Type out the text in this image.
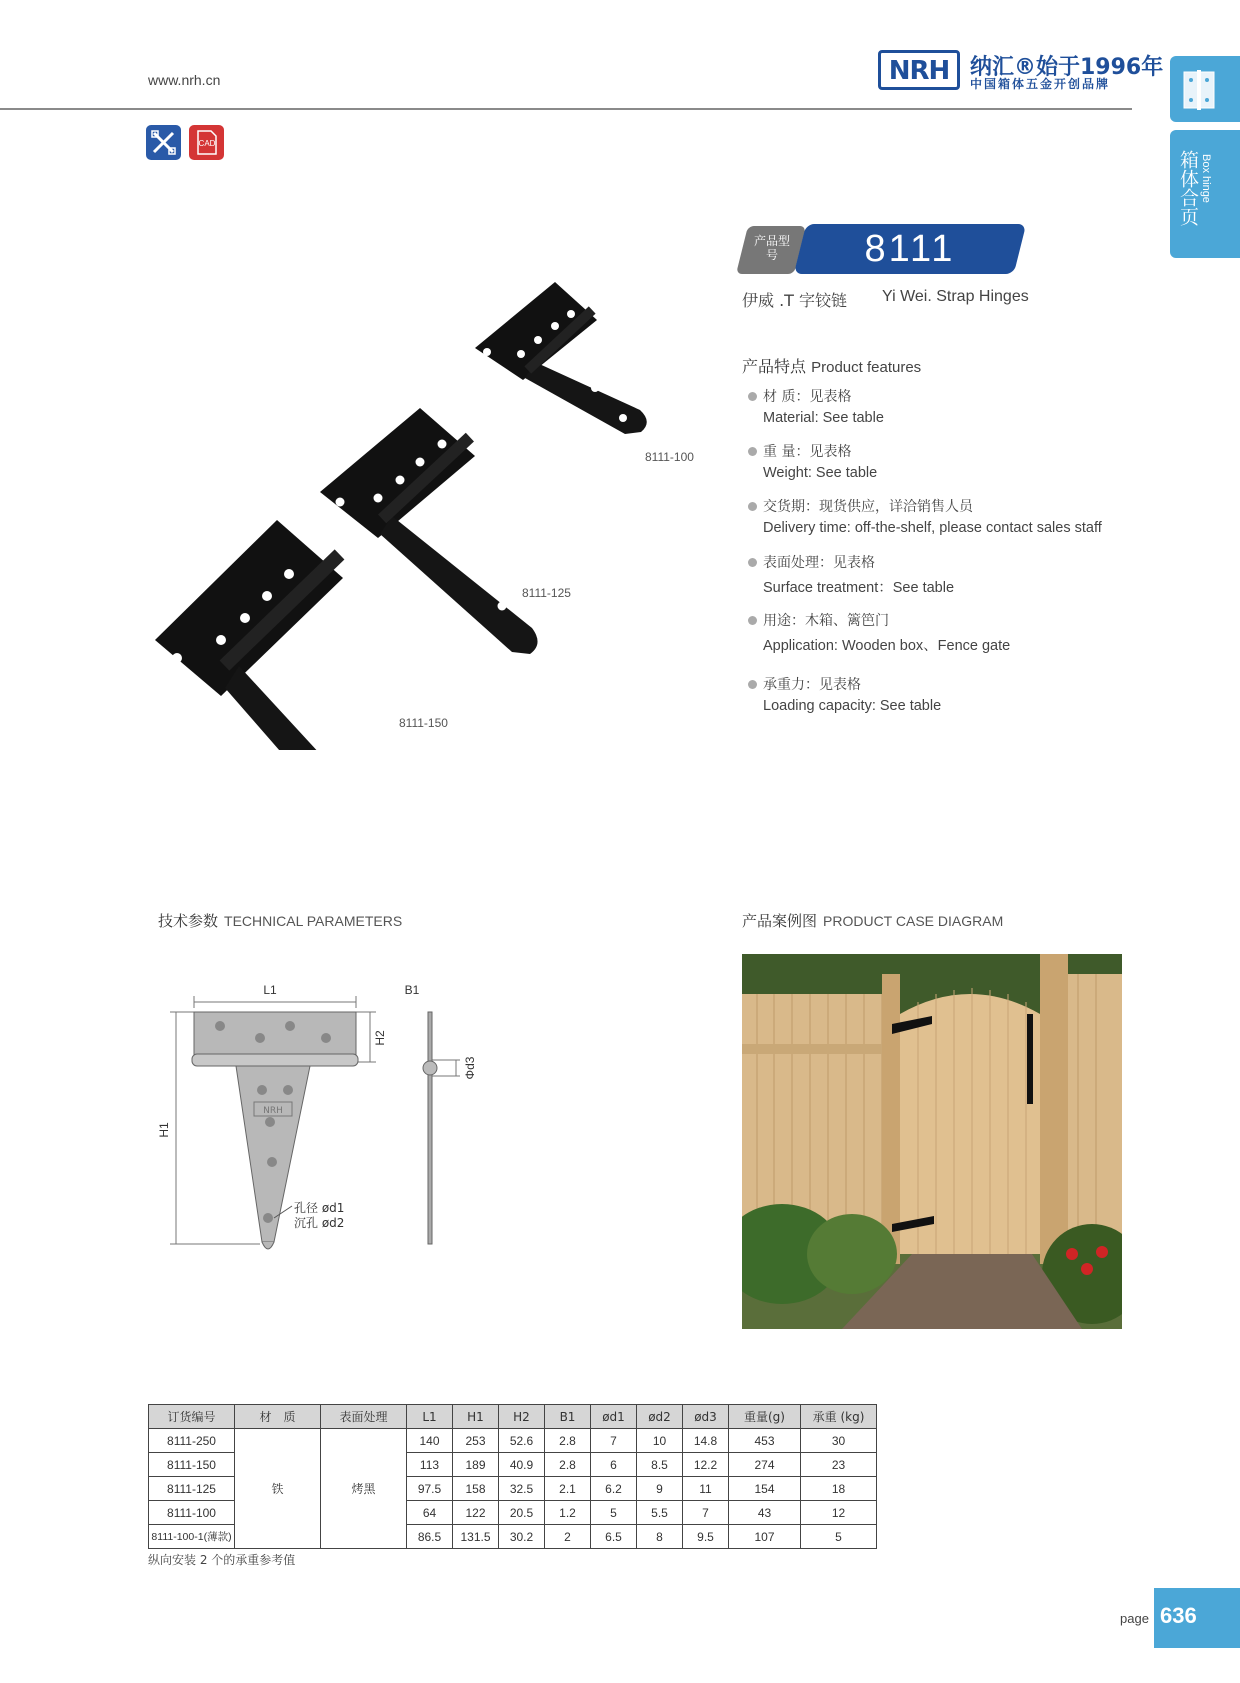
www.nrh.cn	NRH 纳汇®始于1996年
中国箱体五金开创品牌
箱体合页 Box hinge
CAD
产品型号	8111
伊威 .T 字铰链 Yi Wei. Strap Hinges
产品特点 Product features
材 质：见表格
Material: See table
重 量：见表格
Weight: See table
交货期：现货供应，详洽销售人员
Delivery time: off-the-shelf, please contact sales staff
表面处理：见表格
Surface treatment：See table
用途：木箱、篱笆门
Application: Wooden box、Fence gate
承重力：见表格
Loading capacity: See table
8111-100
8111-125
8111-150
技术参数 TECHNICAL PARAMETERS	产品案例图 PRODUCT CASE DIAGRAM
L1	B1
H1
H2
Φd3
NRH
孔径 ød1
沉孔 ød2
订货编号	材　质	表面处理	L1	H1	H2	B1	ød1	ød2	ød3	重量(g)	承重 (kg)
8111-250	铁	烤黑	140	253	52.6	2.8	7	10	14.8	453	30
8111-150			113	189	40.9	2.8	6	8.5	12.2	274	23
8111-125			97.5	158	32.5	2.1	6.2	9	11	154	18
8111-100			64	122	20.5	1.2	5	5.5	7	43	12
8111-100-1(薄款)			86.5	131.5	30.2	2	6.5	8	9.5	107	5
纵向安装 2 个的承重参考值
page 636
